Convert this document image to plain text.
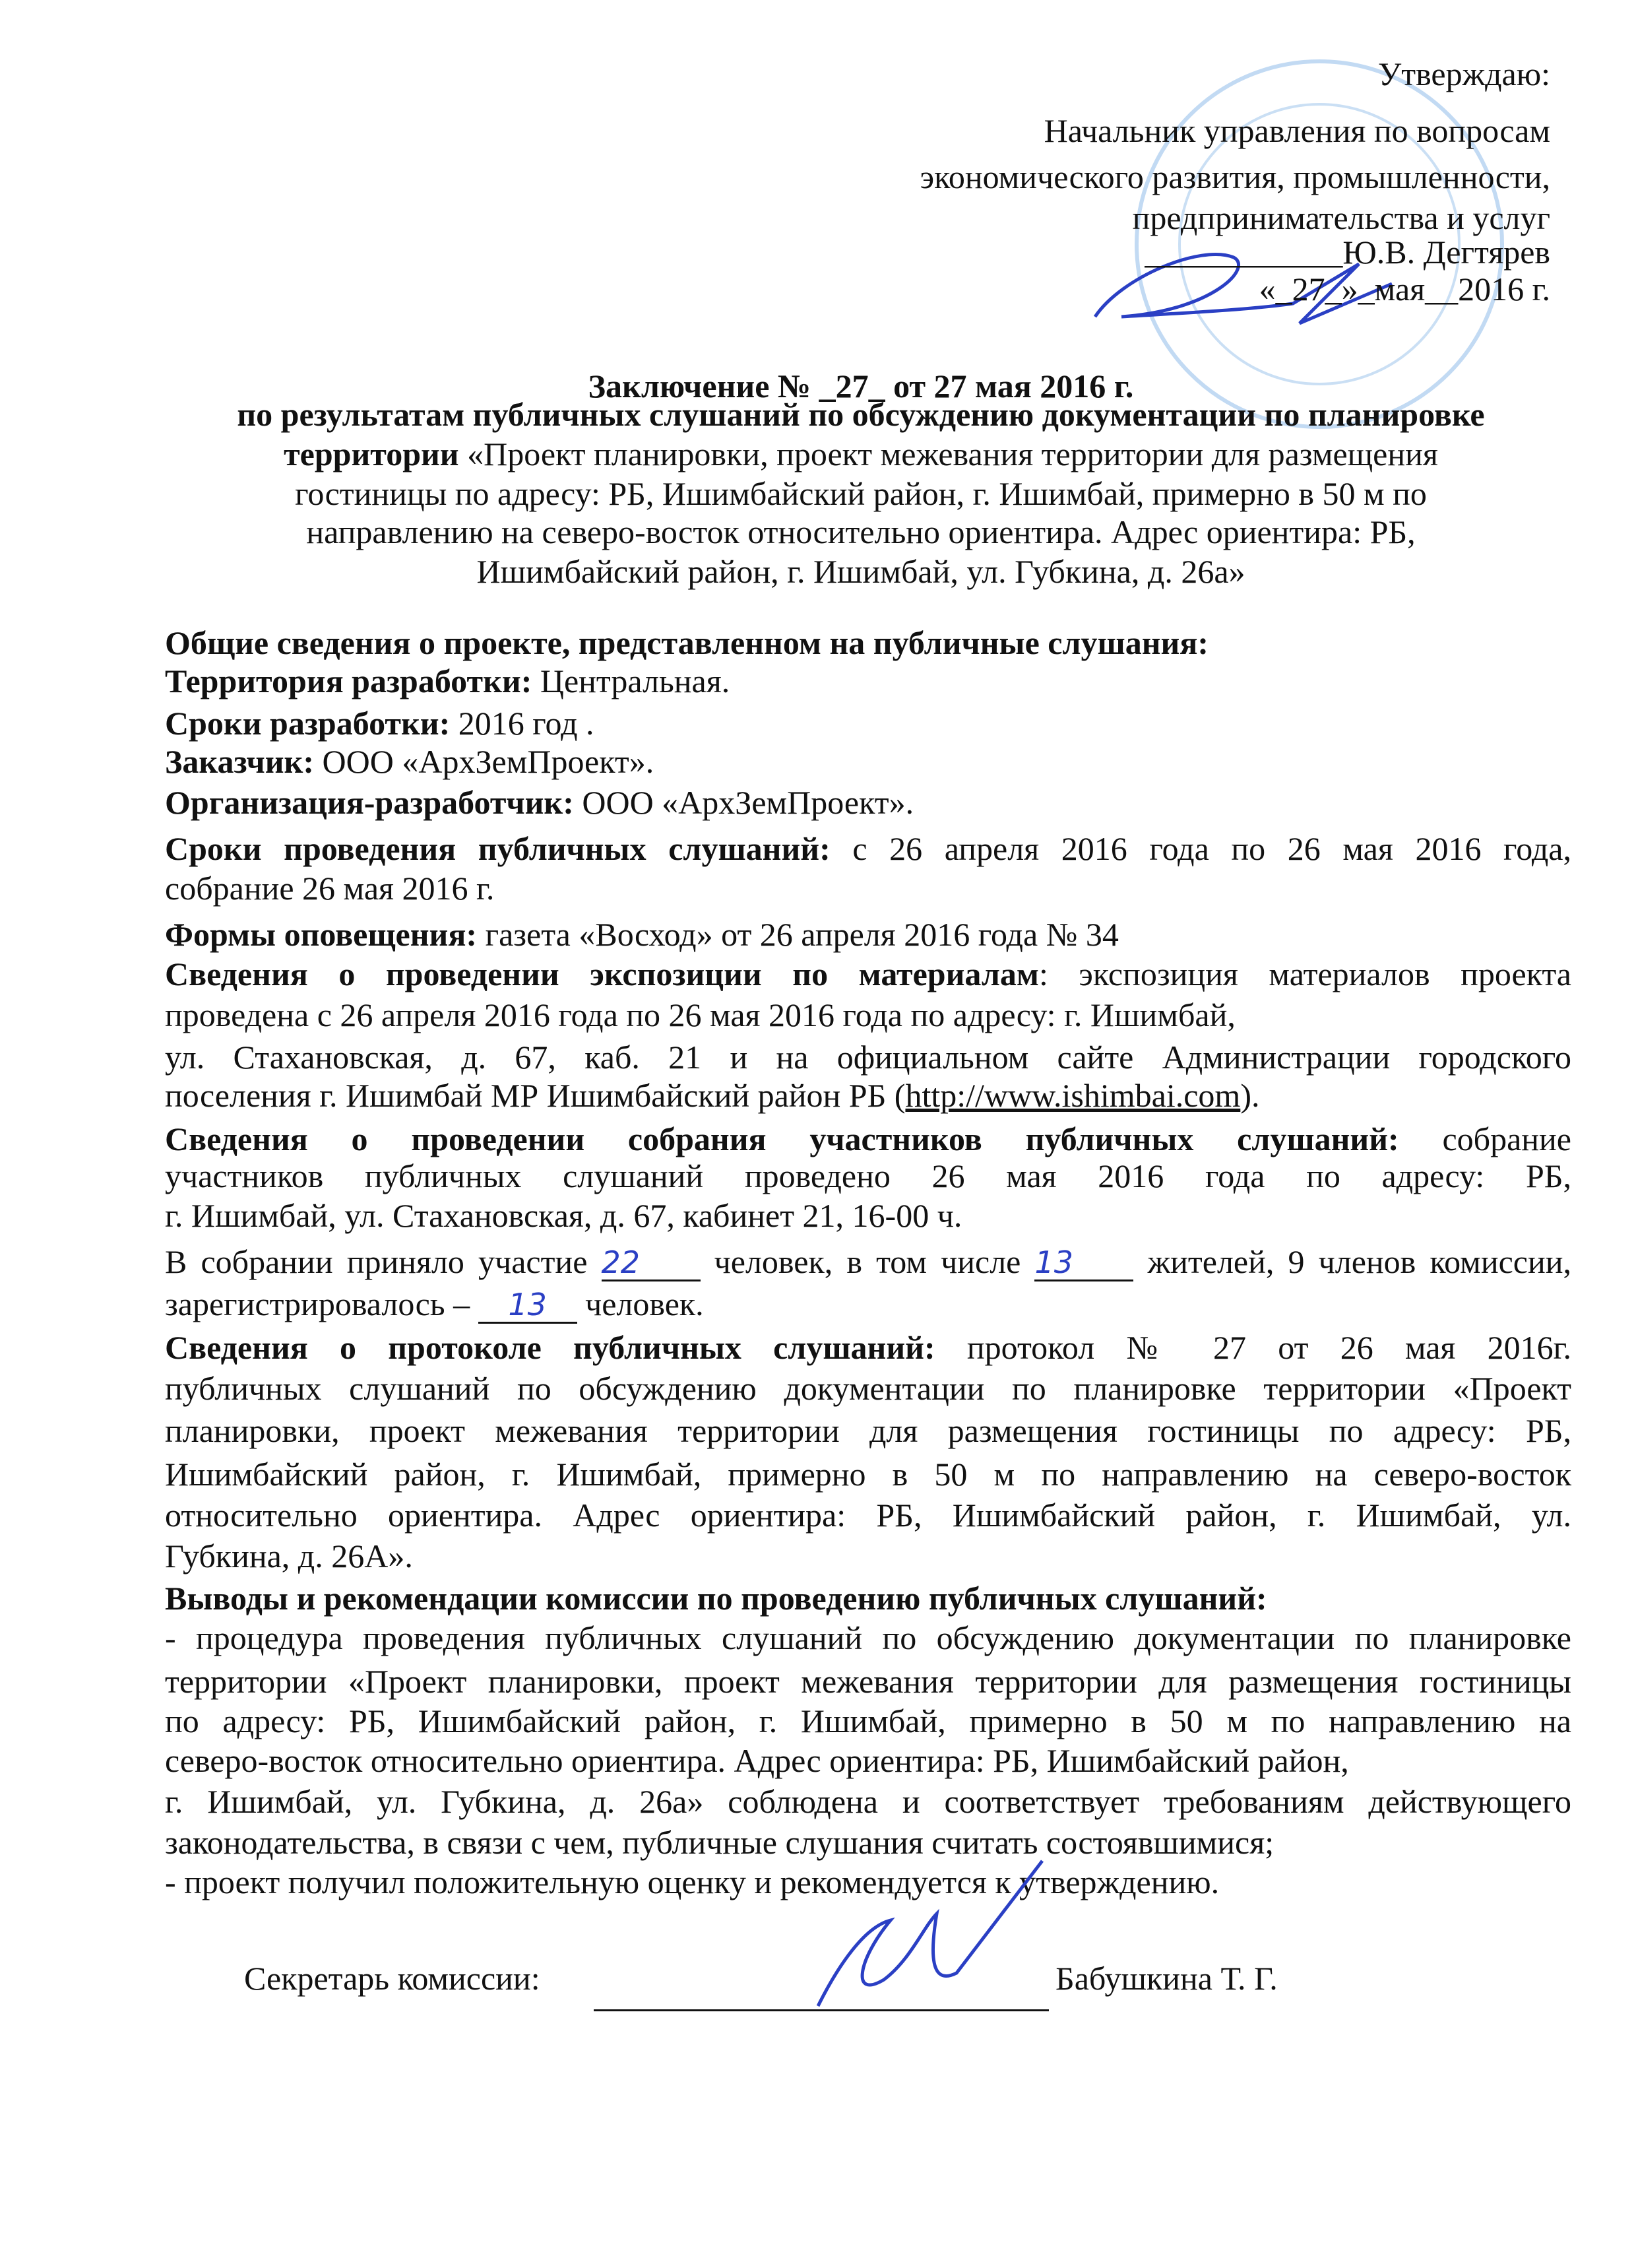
Утверждаю:
Начальник управления по вопросам
экономического развития, промышленности,
предпринимательства и услуг
____________Ю.В. Дегтярев
«_27_»_мая__2016 г.
Заключение № _27_ от 27 мая 2016 г.
по результатам публичных слушаний по обсуждению документации по планировке
территории «Проект планировки, проект межевания территории для размещения
гостиницы по адресу: РБ, Ишимбайский район, г. Ишимбай, примерно в 50 м по
направлению на северо-восток относительно ориентира. Адрес ориентира: РБ,
Ишимбайский район, г. Ишимбай, ул. Губкина, д. 26а»
Общие сведения о проекте, представленном на публичные слушания:
Территория разработки: Центральная.
Сроки разработки: 2016 год .
Заказчик: ООО «АрхЗемПроект».
Организация-разработчик: ООО «АрхЗемПроект».
Сроки проведения публичных слушаний: с 26 апреля 2016 года по 26 мая 2016 года,
собрание 26 мая 2016 г.
Формы оповещения: газета «Восход» от 26 апреля 2016 года № 34
Сведения о проведении экспозиции по материалам: экспозиция материалов проекта
проведена с 26 апреля 2016 года по 26 мая 2016 года по адресу: г. Ишимбай,
ул. Стахановская, д. 67, каб. 21 и на официальном сайте Администрации городского
поселения г. Ишимбай МР Ишимбайский район РБ (http://www.ishimbai.com).
Сведения о проведении собрания участников публичных слушаний: собрание
участников публичных слушаний проведено 26 мая 2016 года по адресу: РБ,
г. Ишимбай, ул. Стахановская, д. 67, кабинет 21, 16-00 ч.
В собрании приняло участие 22 человек, в том числе 13 жителей, 9 членов комиссии,
зарегистрировалось – 13 человек.
Сведения о протоколе публичных слушаний: протокол № 27 от 26 мая 2016г.
публичных слушаний по обсуждению документации по планировке территории «Проект
планировки, проект межевания территории для размещения гостиницы по адресу: РБ,
Ишимбайский район, г. Ишимбай, примерно в 50 м по направлению на северо-восток
относительно ориентира. Адрес ориентира: РБ, Ишимбайский район, г. Ишимбай, ул.
Губкина, д. 26А».
Выводы и рекомендации комиссии по проведению публичных слушаний:
- процедура проведения публичных слушаний по обсуждению документации по планировке
территории «Проект планировки, проект межевания территории для размещения гостиницы
по адресу: РБ, Ишимбайский район, г. Ишимбай, примерно в 50 м по направлению на
северо-восток относительно ориентира. Адрес ориентира: РБ, Ишимбайский район,
г. Ишимбай, ул. Губкина, д. 26а» соблюдена и соответствует требованиям действующего
законодательства, в связи с чем, публичные слушания считать состоявшимися;
- проект получил положительную оценку и рекомендуется к утверждению.
Секретарь комиссии:	Бабушкина Т. Г.
